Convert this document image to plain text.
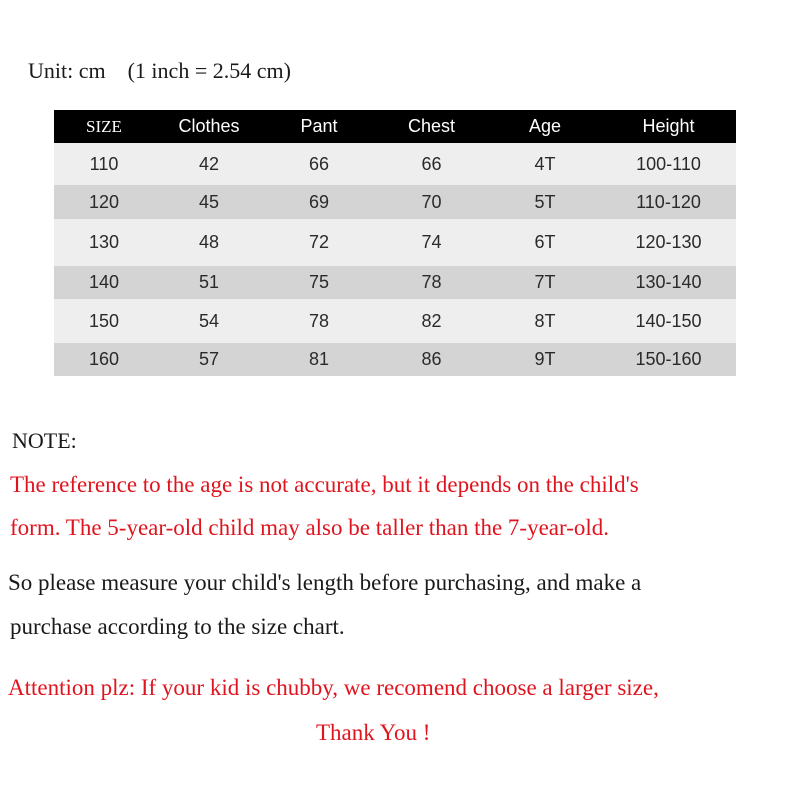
Unit: cm (1 inch = 2.54 cm)
SIZE	Clothes	Pant	Chest	Age	Height
110	42	66	66	4T	100-110
120	45	69	70	5T	110-120
130	48	72	74	6T	120-130
140	51	75	78	7T	130-140
150	54	78	82	8T	140-150
160	57	81	86	9T	150-160
NOTE:
The reference to the age is not accurate, but it depends on the child's
form. The 5-year-old child may also be taller than the 7-year-old.
So please measure your child's length before purchasing, and make a
purchase according to the size chart.
Attention plz: If your kid is chubby, we recomend choose a larger size,
Thank You !
